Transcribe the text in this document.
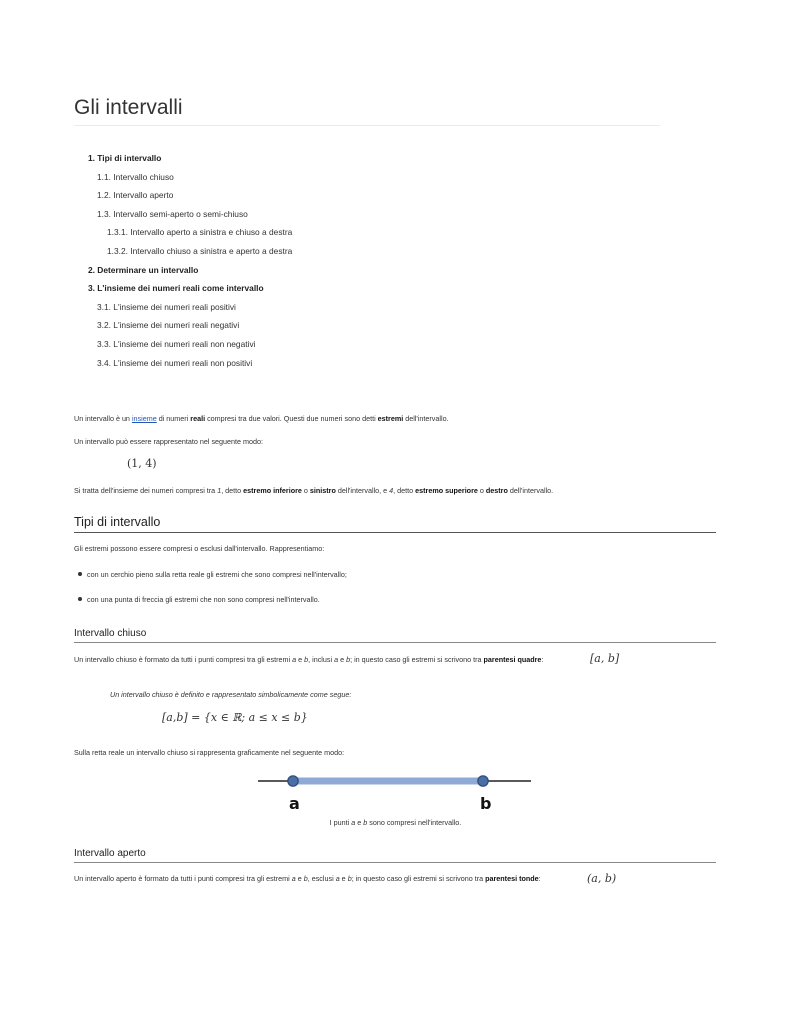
Gli intervalli
1. Tipi di intervallo
1.1. Intervallo chiuso
1.2. Intervallo aperto
1.3. Intervallo semi-aperto o semi-chiuso
1.3.1. Intervallo aperto a sinistra e chiuso a destra
1.3.2. Intervallo chiuso a sinistra e aperto a destra
2. Determinare un intervallo
3. L'insieme dei numeri reali come intervallo
3.1. L'insieme dei numeri reali positivi
3.2. L'insieme dei numeri reali negativi
3.3. L'insieme dei numeri reali non negativi
3.4. L'insieme dei numeri reali non positivi
Un intervallo è un insieme di numeri reali compresi tra due valori. Questi due numeri sono detti estremi dell'intervallo.
Un intervallo può essere rappresentato nel seguente modo:
(1, 4)
Si tratta dell'insieme dei numeri compresi tra 1, detto estremo inferiore o sinistro dell'intervallo, e 4, detto estremo superiore o destro dell'intervallo.
Tipi di intervallo
Gli estremi possono essere compresi o esclusi dall'intervallo. Rappresentiamo:
con un cerchio pieno sulla retta reale gli estremi che sono compresi nell'intervallo;
con una punta di freccia gli estremi che non sono compresi nell'intervallo.
Intervallo chiuso
Un intervallo chiuso è formato da tutti i punti compresi tra gli estremi a e b, inclusi a e b; in questo caso gli estremi si scrivono tra parentesi quadre:	[a, b]
Un intervallo chiuso è definito e rappresentato simbolicamente come segue:
[a,b] = {x ∈ ℝ; a ≤ x ≤ b}
Sulla retta reale un intervallo chiuso si rappresenta graficamente nel seguente modo:
a	b
I punti a e b sono compresi nell'intervallo.
Intervallo aperto
Un intervallo aperto è formato da tutti i punti compresi tra gli estremi a e b, esclusi a e b; in questo caso gli estremi si scrivono tra parentesi tonde:	(a, b)
